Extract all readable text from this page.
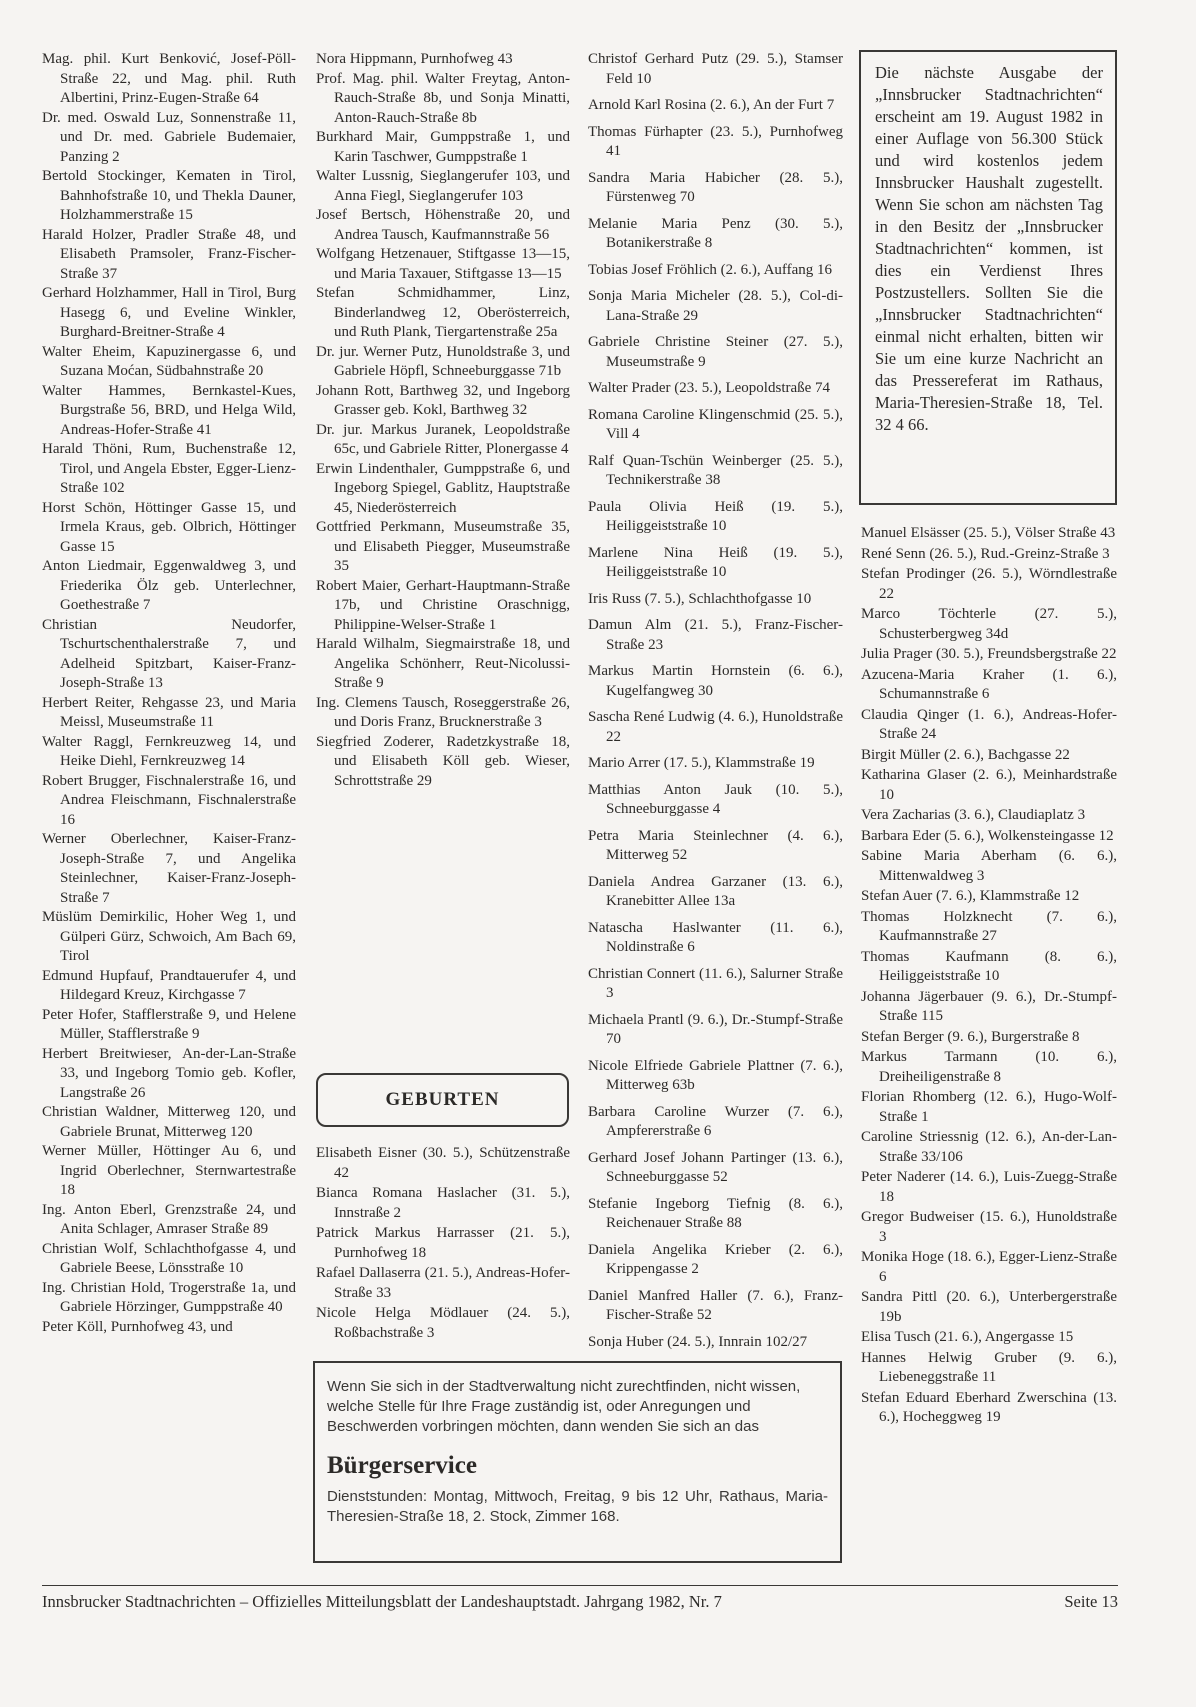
Mag. phil. Kurt Benković, Josef-Pöll-Straße 22, und Mag. phil. Ruth Albertini, Prinz-Eugen-Straße 64
Dr. med. Oswald Luz, Sonnenstraße 11, und Dr. med. Gabriele Budemaier, Panzing 2
Bertold Stockinger, Kematen in Tirol, Bahnhofstraße 10, und Thekla Dauner, Holzhammerstraße 15
Harald Holzer, Pradler Straße 48, und Elisabeth Pramsoler, Franz-Fischer-Straße 37
Gerhard Holzhammer, Hall in Tirol, Burg Hasegg 6, und Eveline Winkler, Burghard-Breitner-Straße 4
Walter Eheim, Kapuzinergasse 6, und Suzana Moćan, Südbahnstraße 20
Walter Hammes, Bernkastel-Kues, Burgstraße 56, BRD, und Helga Wild, Andreas-Hofer-Straße 41
Harald Thöni, Rum, Buchenstraße 12, Tirol, und Angela Ebster, Egger-Lienz-Straße 102
Horst Schön, Höttinger Gasse 15, und Irmela Kraus, geb. Olbrich, Höttinger Gasse 15
Anton Liedmair, Eggenwaldweg 3, und Friederika Ölz geb. Unterlechner, Goethestraße 7
Christian Neudorfer, Tschurtschenthalerstraße 7, und Adelheid Spitzbart, Kaiser-Franz-Joseph-Straße 13
Herbert Reiter, Rehgasse 23, und Maria Meissl, Museumstraße 11
Walter Raggl, Fernkreuzweg 14, und Heike Diehl, Fernkreuzweg 14
Robert Brugger, Fischnalerstraße 16, und Andrea Fleischmann, Fischnalerstraße 16
Werner Oberlechner, Kaiser-Franz-Joseph-Straße 7, und Angelika Steinlechner, Kaiser-Franz-Joseph-Straße 7
Müslüm Demirkilic, Hoher Weg 1, und Gülperi Gürz, Schwoich, Am Bach 69, Tirol
Edmund Hupfauf, Prandtauerufer 4, und Hildegard Kreuz, Kirchgasse 7
Peter Hofer, Stafflerstraße 9, und Helene Müller, Stafflerstraße 9
Herbert Breitwieser, An-der-Lan-Straße 33, und Ingeborg Tomio geb. Kofler, Langstraße 26
Christian Waldner, Mitterweg 120, und Gabriele Brunat, Mitterweg 120
Werner Müller, Höttinger Au 6, und Ingrid Oberlechner, Sternwartestraße 18
Ing. Anton Eberl, Grenzstraße 24, und Anita Schlager, Amraser Straße 89
Christian Wolf, Schlachthofgasse 4, und Gabriele Beese, Lönsstraße 10
Ing. Christian Hold, Trogerstraße 1a, und Gabriele Hörzinger, Gumppstraße 40
Peter Köll, Purnhofweg 43, und
Nora Hippmann, Purnhofweg 43
Prof. Mag. phil. Walter Freytag, Anton-Rauch-Straße 8b, und Sonja Minatti, Anton-Rauch-Straße 8b
Burkhard Mair, Gumppstraße 1, und Karin Taschwer, Gumppstraße 1
Walter Lussnig, Sieglangerufer 103, und Anna Fiegl, Sieglangerufer 103
Josef Bertsch, Höhenstraße 20, und Andrea Tausch, Kaufmannstraße 56
Wolfgang Hetzenauer, Stiftgasse 13—15, und Maria Taxauer, Stiftgasse 13—15
Stefan Schmidhammer, Linz, Binderlandweg 12, Oberösterreich, und Ruth Plank, Tiergartenstraße 25a
Dr. jur. Werner Putz, Hunoldstraße 3, und Gabriele Höpfl, Schneeburggasse 71b
Johann Rott, Barthweg 32, und Ingeborg Grasser geb. Kokl, Barthweg 32
Dr. jur. Markus Juranek, Leopoldstraße 65c, und Gabriele Ritter, Plonergasse 4
Erwin Lindenthaler, Gumppstraße 6, und Ingeborg Spiegel, Gablitz, Hauptstraße 45, Niederösterreich
Gottfried Perkmann, Museumstraße 35, und Elisabeth Piegger, Museumstraße 35
Robert Maier, Gerhart-Hauptmann-Straße 17b, und Christine Oraschnigg, Philippine-Welser-Straße 1
Harald Wilhalm, Siegmairstraße 18, und Angelika Schönherr, Reut-Nicolussi-Straße 9
Ing. Clemens Tausch, Roseggerstraße 26, und Doris Franz, Brucknerstraße 3
Siegfried Zoderer, Radetzkystraße 18, und Elisabeth Köll geb. Wieser, Schrottstraße 29
GEBURTEN
Elisabeth Eisner (30. 5.), Schützenstraße 42
Bianca Romana Haslacher (31. 5.), Innstraße 2
Patrick Markus Harrasser (21. 5.), Purnhofweg 18
Rafael Dallaserra (21. 5.), Andreas-Hofer-Straße 33
Nicole Helga Mödlauer (24. 5.), Roßbachstraße 3
Christof Gerhard Putz (29. 5.), Stamser Feld 10
Arnold Karl Rosina (2. 6.), An der Furt 7
Thomas Fürhapter (23. 5.), Purnhofweg 41
Sandra Maria Habicher (28. 5.), Fürstenweg 70
Melanie Maria Penz (30. 5.), Botanikerstraße 8
Tobias Josef Fröhlich (2. 6.), Auffang 16
Sonja Maria Micheler (28. 5.), Col-di-Lana-Straße 29
Gabriele Christine Steiner (27. 5.), Museumstraße 9
Walter Prader (23. 5.), Leopoldstraße 74
Romana Caroline Klingenschmid (25. 5.), Vill 4
Ralf Quan-Tschün Weinberger (25. 5.), Technikerstraße 38
Paula Olivia Heiß (19. 5.), Heiliggeiststraße 10
Marlene Nina Heiß (19. 5.), Heiliggeiststraße 10
Iris Russ (7. 5.), Schlachthofgasse 10
Damun Alm (21. 5.), Franz-Fischer-Straße 23
Markus Martin Hornstein (6. 6.), Kugelfangweg 30
Sascha René Ludwig (4. 6.), Hunoldstraße 22
Mario Arrer (17. 5.), Klammstraße 19
Matthias Anton Jauk (10. 5.), Schneeburggasse 4
Petra Maria Steinlechner (4. 6.), Mitterweg 52
Daniela Andrea Garzaner (13. 6.), Kranebitter Allee 13a
Natascha Haslwanter (11. 6.), Noldinstraße 6
Christian Connert (11. 6.), Salurner Straße 3
Michaela Prantl (9. 6.), Dr.-Stumpf-Straße 70
Nicole Elfriede Gabriele Plattner (7. 6.), Mitterweg 63b
Barbara Caroline Wurzer (7. 6.), Ampfererstraße 6
Gerhard Josef Johann Partinger (13. 6.), Schneeburggasse 52
Stefanie Ingeborg Tiefnig (8. 6.), Reichenauer Straße 88
Daniela Angelika Krieber (2. 6.), Krippengasse 2
Daniel Manfred Haller (7. 6.), Franz-Fischer-Straße 52
Sonja Huber (24. 5.), Innrain 102/27
Die nächste Ausgabe der „Innsbrucker Stadtnachrichten“ erscheint am 19. August 1982 in einer Auflage von 56.300 Stück und wird kostenlos jedem Innsbrucker Haushalt zugestellt. Wenn Sie schon am nächsten Tag in den Besitz der „Innsbrucker Stadtnachrichten“ kommen, ist dies ein Verdienst Ihres Postzustellers. Sollten Sie die „Innsbrucker Stadtnachrichten“ einmal nicht erhalten, bitten wir Sie um eine kurze Nachricht an das Pressereferat im Rathaus, Maria-Theresien-Straße 18, Tel. 32 4 66.
Manuel Elsässer (25. 5.), Völser Straße 43
René Senn (26. 5.), Rud.-Greinz-Straße 3
Stefan Prodinger (26. 5.), Wörndlestraße 22
Marco Töchterle (27. 5.), Schusterbergweg 34d
Julia Prager (30. 5.), Freundsbergstraße 22
Azucena-Maria Kraher (1. 6.), Schumannstraße 6
Claudia Qinger (1. 6.), Andreas-Hofer-Straße 24
Birgit Müller (2. 6.), Bachgasse 22
Katharina Glaser (2. 6.), Meinhardstraße 10
Vera Zacharias (3. 6.), Claudiaplatz 3
Barbara Eder (5. 6.), Wolkensteingasse 12
Sabine Maria Aberham (6. 6.), Mittenwaldweg 3
Stefan Auer (7. 6.), Klammstraße 12
Thomas Holzknecht (7. 6.), Kaufmannstraße 27
Thomas Kaufmann (8. 6.), Heiliggeiststraße 10
Johanna Jägerbauer (9. 6.), Dr.-Stumpf-Straße 115
Stefan Berger (9. 6.), Burgerstraße 8
Markus Tarmann (10. 6.), Dreiheiligenstraße 8
Florian Rhomberg (12. 6.), Hugo-Wolf-Straße 1
Caroline Striessnig (12. 6.), An-der-Lan-Straße 33/106
Peter Naderer (14. 6.), Luis-Zuegg-Straße 18
Gregor Budweiser (15. 6.), Hunoldstraße 3
Monika Hoge (18. 6.), Egger-Lienz-Straße 6
Sandra Pittl (20. 6.), Unterbergerstraße 19b
Elisa Tusch (21. 6.), Angergasse 15
Hannes Helwig Gruber (9. 6.), Liebeneggstraße 11
Stefan Eduard Eberhard Zwerschina (13. 6.), Hocheggweg 19
Wenn Sie sich in der Stadtverwaltung nicht zurechtfinden, nicht wissen, welche Stelle für Ihre Frage zuständig ist, oder Anregungen und Beschwerden vorbringen möchten, dann wenden Sie sich an das
Bürgerservice
Dienststunden: Montag, Mittwoch, Freitag, 9 bis 12 Uhr, Rathaus, Maria-Theresien-Straße 18, 2. Stock, Zimmer 168.
Innsbrucker Stadtnachrichten – Offizielles Mitteilungsblatt der Landeshauptstadt. Jahrgang 1982, Nr. 7	Seite 13
